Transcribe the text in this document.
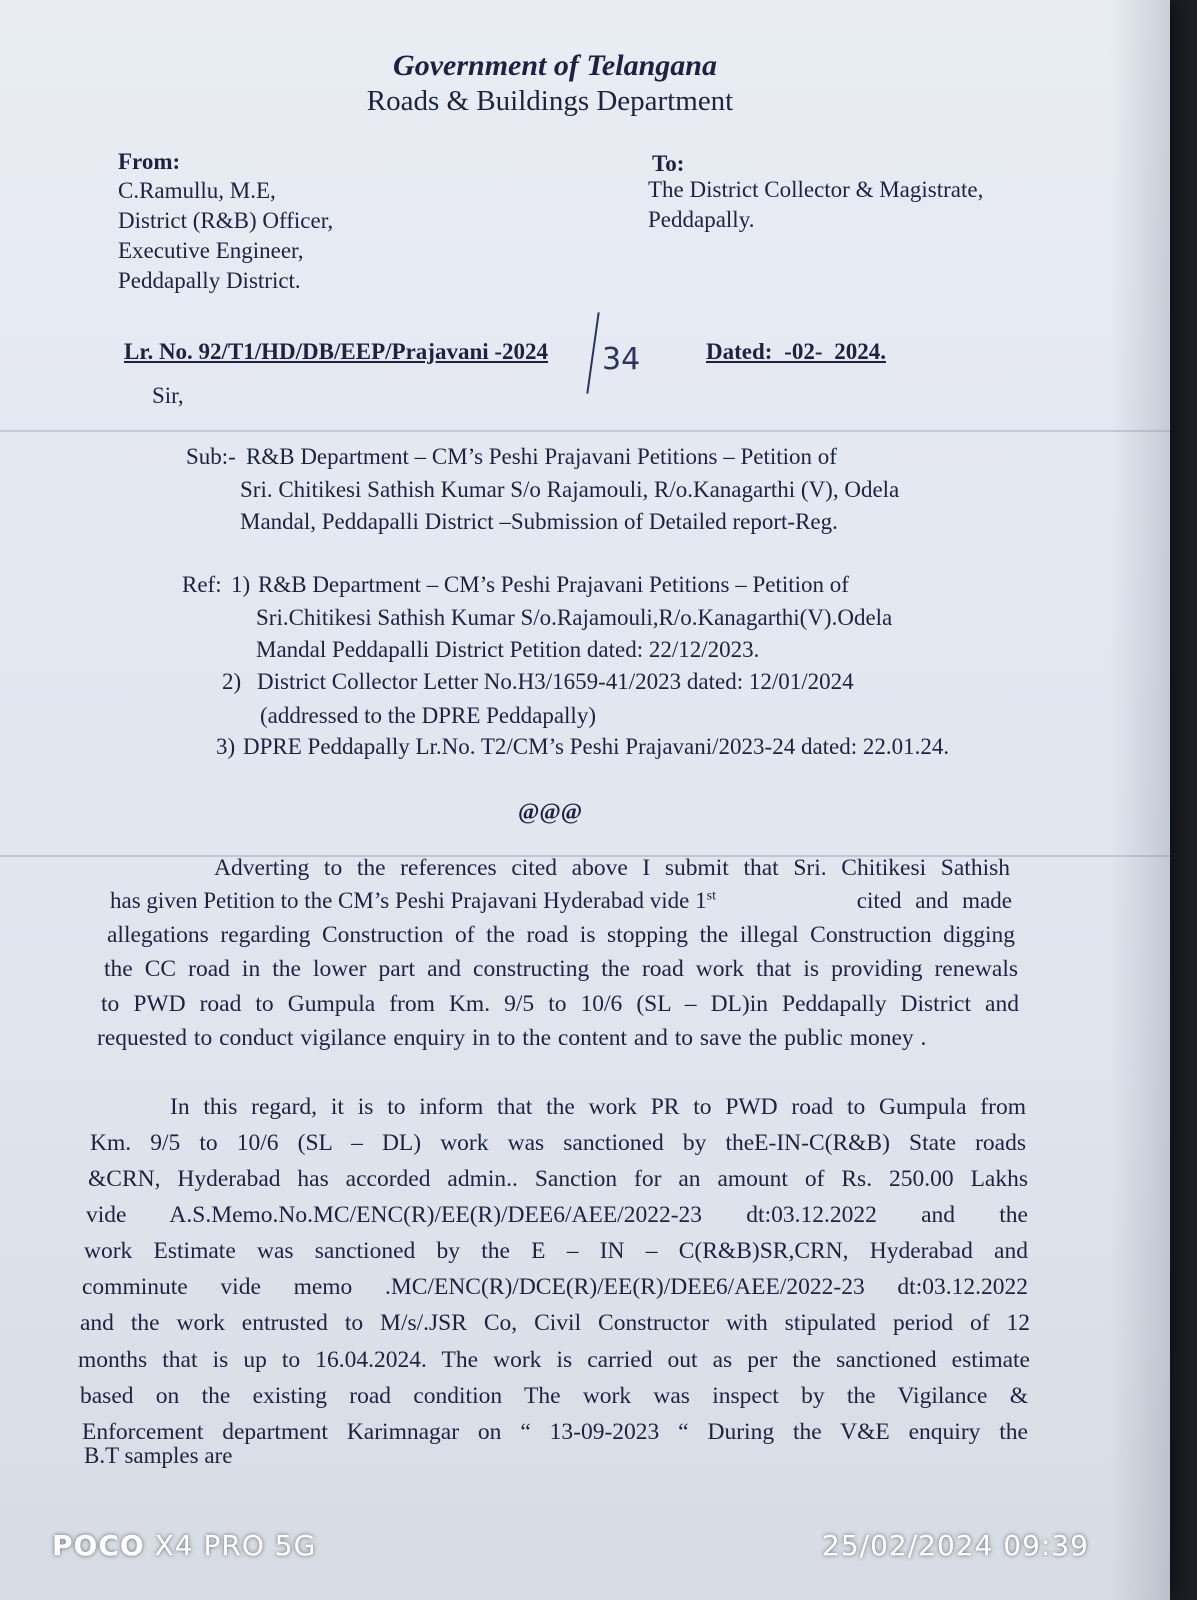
Government of Telangana
Roads & Buildings Department
From:
C.Ramullu, M.E,
District (R&B) Officer,
Executive Engineer,
Peddapally District.
To:
The District Collector & Magistrate,
Peddapally.
Lr. No. 92/T1/HD/DB/EEP/Prajavani -2024 34	Dated: -02- 2024.
Sir,
Sub:- R&B Department – CM’s Peshi Prajavani Petitions – Petition of
Sri. Chitikesi Sathish Kumar S/o Rajamouli, R/o.Kanagarthi (V), Odela
Mandal, Peddapalli District –Submission of Detailed report-Reg.
Ref: 1) R&B Department – CM’s Peshi Prajavani Petitions – Petition of
Sri.Chitikesi Sathish Kumar S/o.Rajamouli,R/o.Kanagarthi(V).Odela
Mandal Peddapalli District Petition dated: 22/12/2023.
2) District Collector Letter No.H3/1659-41/2023 dated: 12/01/2024
(addressed to the DPRE Peddapally)
3) DPRE Peddapally Lr.No. T2/CM’s Peshi Prajavani/2023-24 dated: 22.01.24.
@@@
Adverting to the references cited above I submit that Sri. Chitikesi Sathish
has given Petition to the CM’s Peshi Prajavani Hyderabad vide 1st	cited and made
allegations regarding Construction of the road is stopping the illegal Construction digging
the CC road in the lower part and constructing the road work that is providing renewals
to PWD road to Gumpula from Km. 9/5 to 10/6 (SL – DL)in Peddapally District and
requested to conduct vigilance enquiry in to the content and to save the public money .
In this regard, it is to inform that the work PR to PWD road to Gumpula from
Km. 9/5 to 10/6 (SL – DL) work was sanctioned by theE-IN-C(R&B) State roads
&CRN, Hyderabad has accorded admin.. Sanction for an amount of Rs. 250.00 Lakhs
vide A.S.Memo.No.MC/ENC(R)/EE(R)/DEE6/AEE/2022-23 dt:03.12.2022 and the
work Estimate was sanctioned by the E – IN – C(R&B)SR,CRN, Hyderabad and
comminute vide memo .MC/ENC(R)/DCE(R)/EE(R)/DEE6/AEE/2022-23 dt:03.12.2022
and the work entrusted to M/s/.JSR Co, Civil Constructor with stipulated period of 12
months that is up to 16.04.2024. The work is carried out as per the sanctioned estimate
based on the existing road condition The work was inspect by the Vigilance &
Enforcement department Karimnagar on “ 13-09-2023 “ During the V&E enquiry the
B.T samples are
POCO X4 PRO 5G	25/02/2024 09:39
